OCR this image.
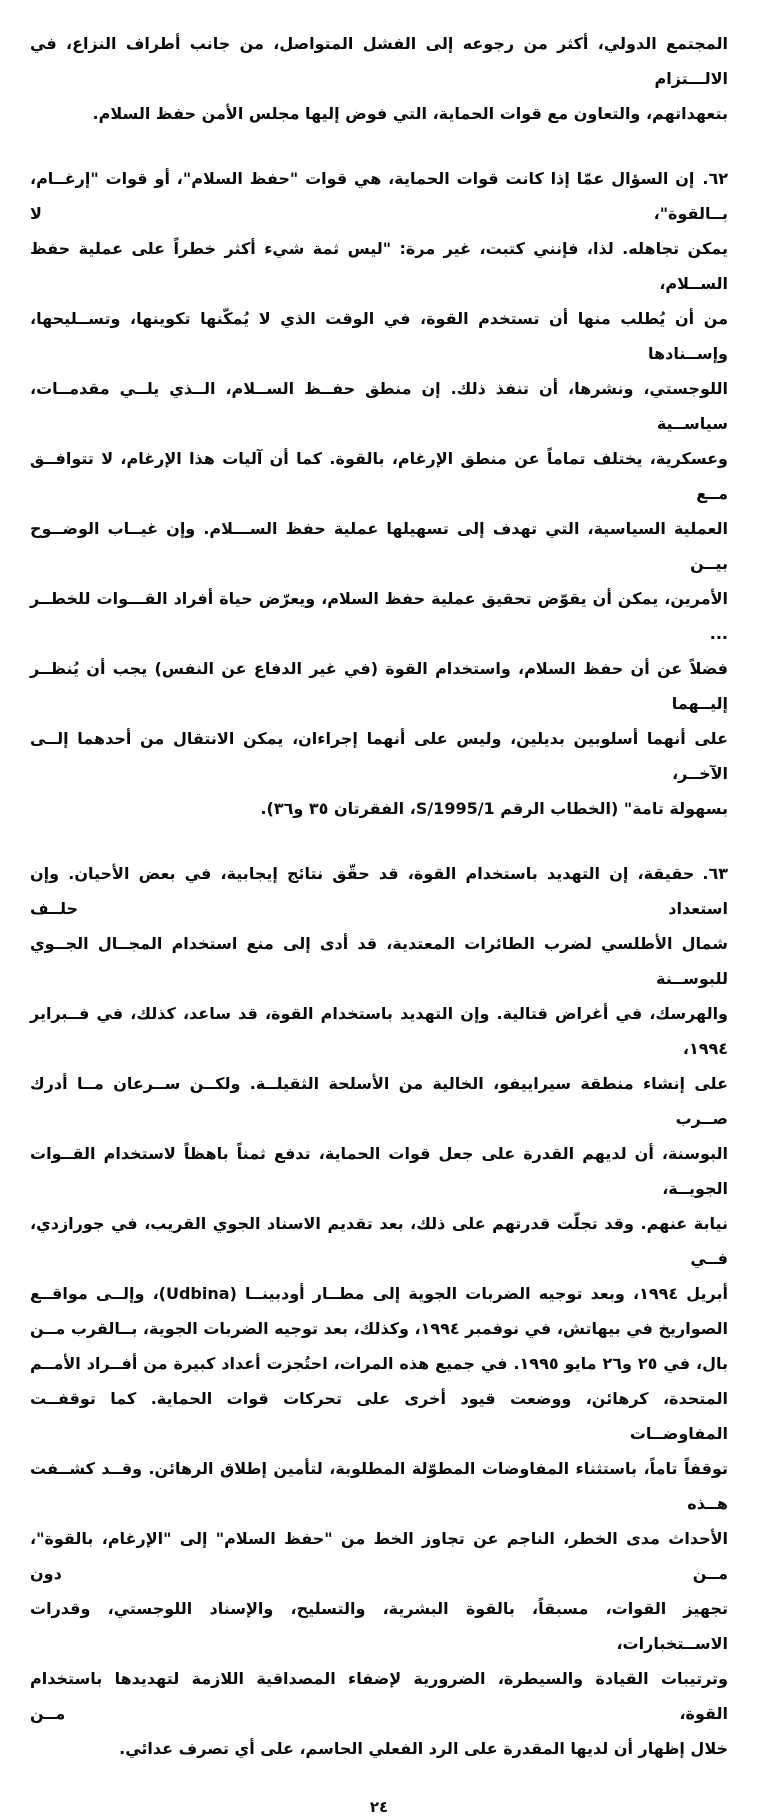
المجتمع الدولي، أكثر من رجوعه إلى الفشل المتواصل، من جانب أطراف النزاع، في الالـــتزام
بتعهداتهم، والتعاون مع قوات الحماية، التي فوض إليها مجلس الأمن حفظ السلام.
٦٢.إن السؤال عمّا إذا كانت قوات الحماية، هي قوات "حفظ السلام"، أو قوات "إرغــام، بــالقوة"، لا
يمكن تجاهله. لذا، فإنني كتبت، غير مرة: "ليس ثمة شيء أكثر خطراً على عملية حفظ الســلام،
من أن يُطلب منها أن تستخدم القوة، في الوقت الذي لا يُمكّنها تكوينها، وتســليحها، وإســنادها
اللوجستي، ونشرها، أن تنفذ ذلك. إن منطق حفــظ الســلام، الــذي يلــي مقدمــات، سياســية
وعسكرية، يختلف تماماً عن منطق الإرغام، بالقوة. كما أن آليات هذا الإرغام، لا تتوافــق مــع
العملية السياسية، التي تهدف إلى تسهيلها عملية حفظ الســـلام. وإن غيــاب الوضــوح بيــن
الأمرين، يمكن أن يقوّض تحقيق عملية حفظ السلام، ويعرّض حياة أفراد القـــوات للخطــر ...
فضلاً عن أن حفظ السلام، واستخدام القوة (في غير الدفاع عن النفس) يجب أن يُنظــر إليــهما
على أنهما أسلوبين بديلين، وليس على أنهما إجراءان، يمكن الانتقال من أحدهما إلــى الآخــر،
بسهولة تامة" (الخطاب الرقم S/1995/1، الفقرتان ٣٥ و٣٦).
٦٣.حقيقة، إن التهديد باستخدام القوة، قد حقّق نتائج إيجابية، في بعض الأحيان. وإن استعداد حلــف
شمال الأطلسي لضرب الطائرات المعتدية، قد أدى إلى منع استخدام المجــال الجــوي للبوســنة
والهرسك، في أغراض قتالية. وإن التهديد باستخدام القوة، قد ساعد، كذلك، في فــبراير ١٩٩٤،
على إنشاء منطقة سيراييفو، الخالية من الأسلحة الثقيلــة. ولكــن ســرعان مــا أدرك صــرب
البوسنة، أن لديهم القدرة على جعل قوات الحماية، تدفع ثمناً باهظاً لاستخدام القــوات الجويــة،
نيابة عنهم. وقد تجلّت قدرتهم على ذلك، بعد تقديم الاسناد الجوي القريب، في جورازدي، فــي
أبريل ١٩٩٤، وبعد توجيه الضربات الجوية إلى مطــار أودبينــا (Udbina)، وإلــى مواقــع
الصواريخ في بيهاتش، في نوفمبر ١٩٩٤، وكذلك، بعد توجيه الضربات الجوية، بــالقرب مــن
بال، في ٢٥ و٢٦ مايو ١٩٩٥. في جميع هذه المرات، احتُجزت أعداد كبيرة من أفــراد الأمــم
المتحدة، كرهائن، ووضعت قيود أخرى على تحركات قوات الحماية. كما توقفــت المفاوضــات
توقفاً تاماً، باستثناء المفاوضات المطوّلة المطلوبة، لتأمين إطلاق الرهائن. وقــد كشــفت هــذه
الأحداث مدى الخطر، الناجم عن تجاوز الخط من "حفظ السلام" إلى "الإرغام، بالقوة"، مــن دون
تجهيز القوات، مسبقاً، بالقوة البشرية، والتسليح، والإسناد اللوجستي، وقدرات الاســتخبارات،
وترتيبات القيادة والسيطرة، الضرورية لإضفاء المصداقية اللازمة لتهديدها باستخدام القوة، مــن
خلال إظهار أن لديها المقدرة على الرد الفعلي الحاسم، على أي تصرف عدائي.
٢٤
